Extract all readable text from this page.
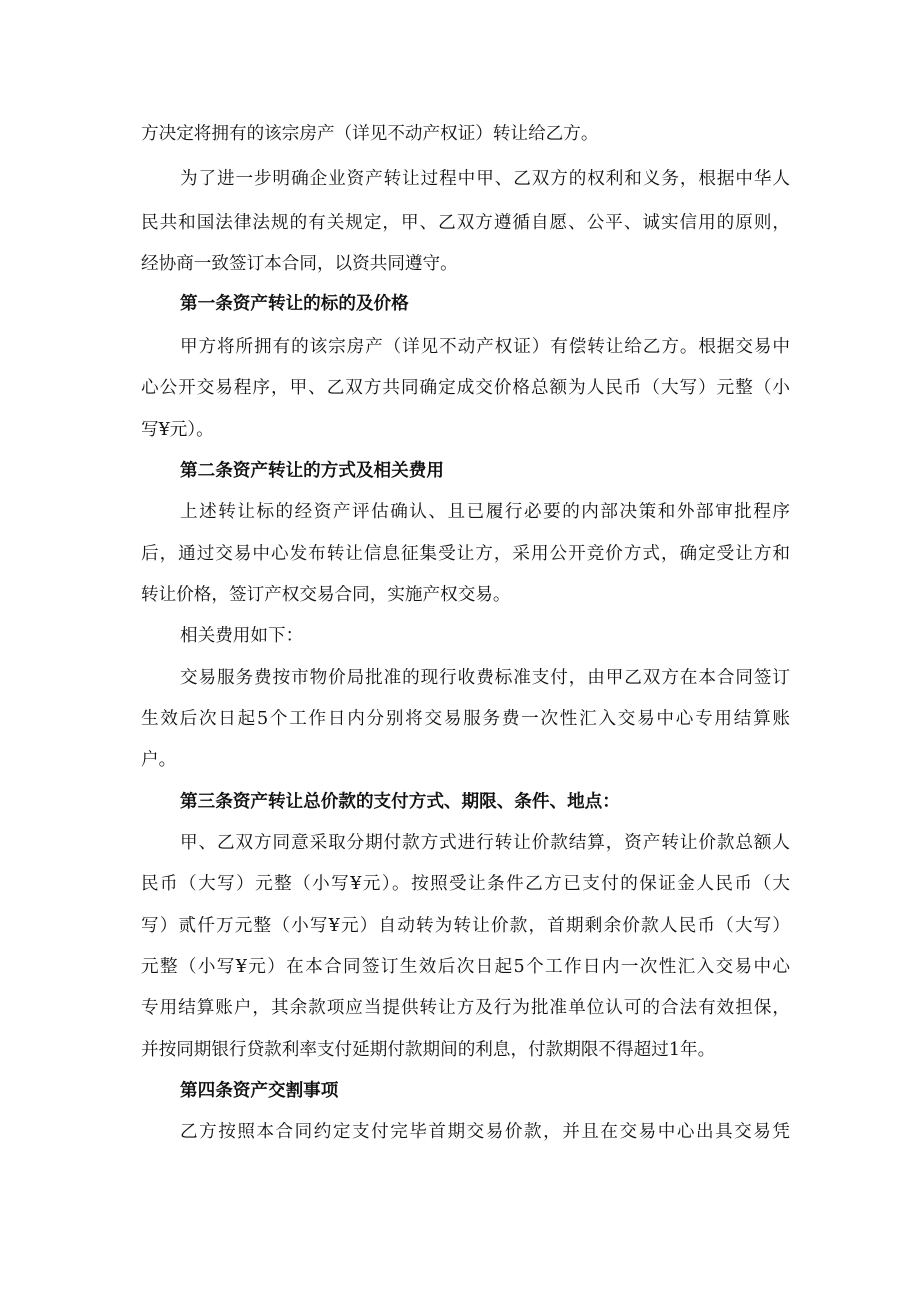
方决定将拥有的该宗房产（详见不动产权证）转让给乙方。

为了进一步明确企业资产转让过程中甲、乙双方的权利和义务，根据中华人

民共和国法律法规的有关规定，甲、乙双方遵循自愿、公平、诚实信用的原则，

经协商一致签订本合同，以资共同遵守。

第一条资产转让的标的及价格

甲方将所拥有的该宗房产（详见不动产权证）有偿转让给乙方。根据交易中

心公开交易程序，甲、乙双方共同确定成交价格总额为人民币（大写）元整（小

写¥元）。

第二条资产转让的方式及相关费用

上述转让标的经资产评估确认、且已履行必要的内部决策和外部审批程序

后，通过交易中心发布转让信息征集受让方，采用公开竞价方式，确定受让方和

转让价格，签订产权交易合同，实施产权交易。

相关费用如下：

交易服务费按市物价局批准的现行收费标准支付，由甲乙双方在本合同签订

生效后次日起5个工作日内分别将交易服务费一次性汇入交易中心专用结算账

户。

第三条资产转让总价款的支付方式、期限、条件、地点：

甲、乙双方同意采取分期付款方式进行转让价款结算，资产转让价款总额人

民币（大写）元整（小写¥元）。按照受让条件乙方已支付的保证金人民币（大

写）贰仟万元整（小写¥元）自动转为转让价款，首期剩余价款人民币（大写）

元整（小写¥元）在本合同签订生效后次日起5个工作日内一次性汇入交易中心

专用结算账户，其余款项应当提供转让方及行为批准单位认可的合法有效担保，

并按同期银行贷款利率支付延期付款期间的利息，付款期限不得超过1年。

第四条资产交割事项

乙方按照本合同约定支付完毕首期交易价款，并且在交易中心出具交易凭
